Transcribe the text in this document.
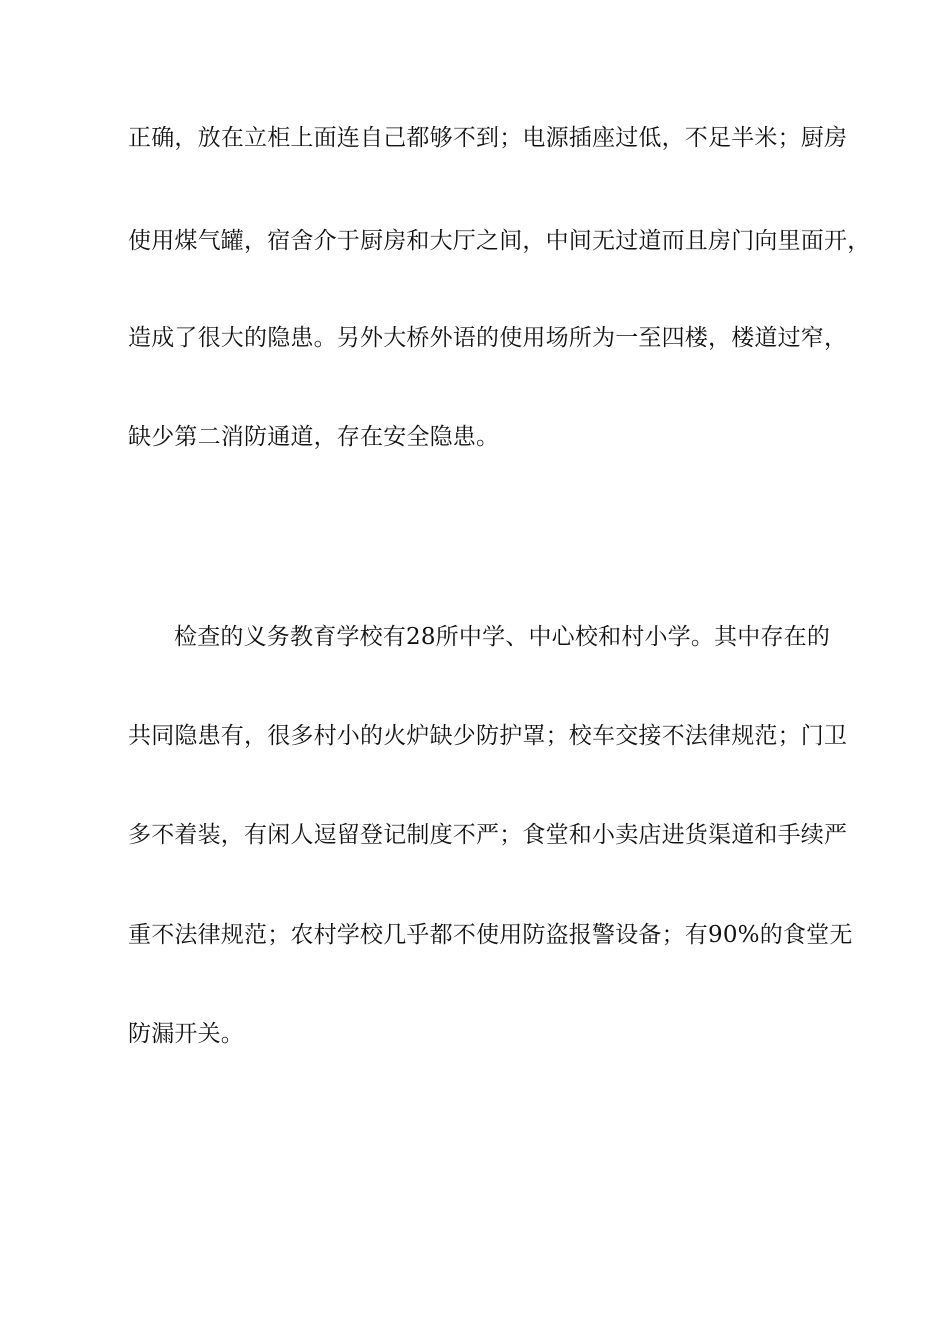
正确，放在立柜上面连自己都够不到；电源插座过低，不足半米；厨房
使用煤气罐，宿舍介于厨房和大厅之间，中间无过道而且房门向里面开，
造成了很大的隐患。另外大桥外语的使用场所为一至四楼，楼道过窄，
缺少第二消防通道，存在安全隐患。
检查的义务教育学校有28所中学、中心校和村小学。其中存在的
共同隐患有，很多村小的火炉缺少防护罩；校车交接不法律规范；门卫
多不着装，有闲人逗留登记制度不严；食堂和小卖店进货渠道和手续严
重不法律规范；农村学校几乎都不使用防盗报警设备；有90%的食堂无
防漏开关。
